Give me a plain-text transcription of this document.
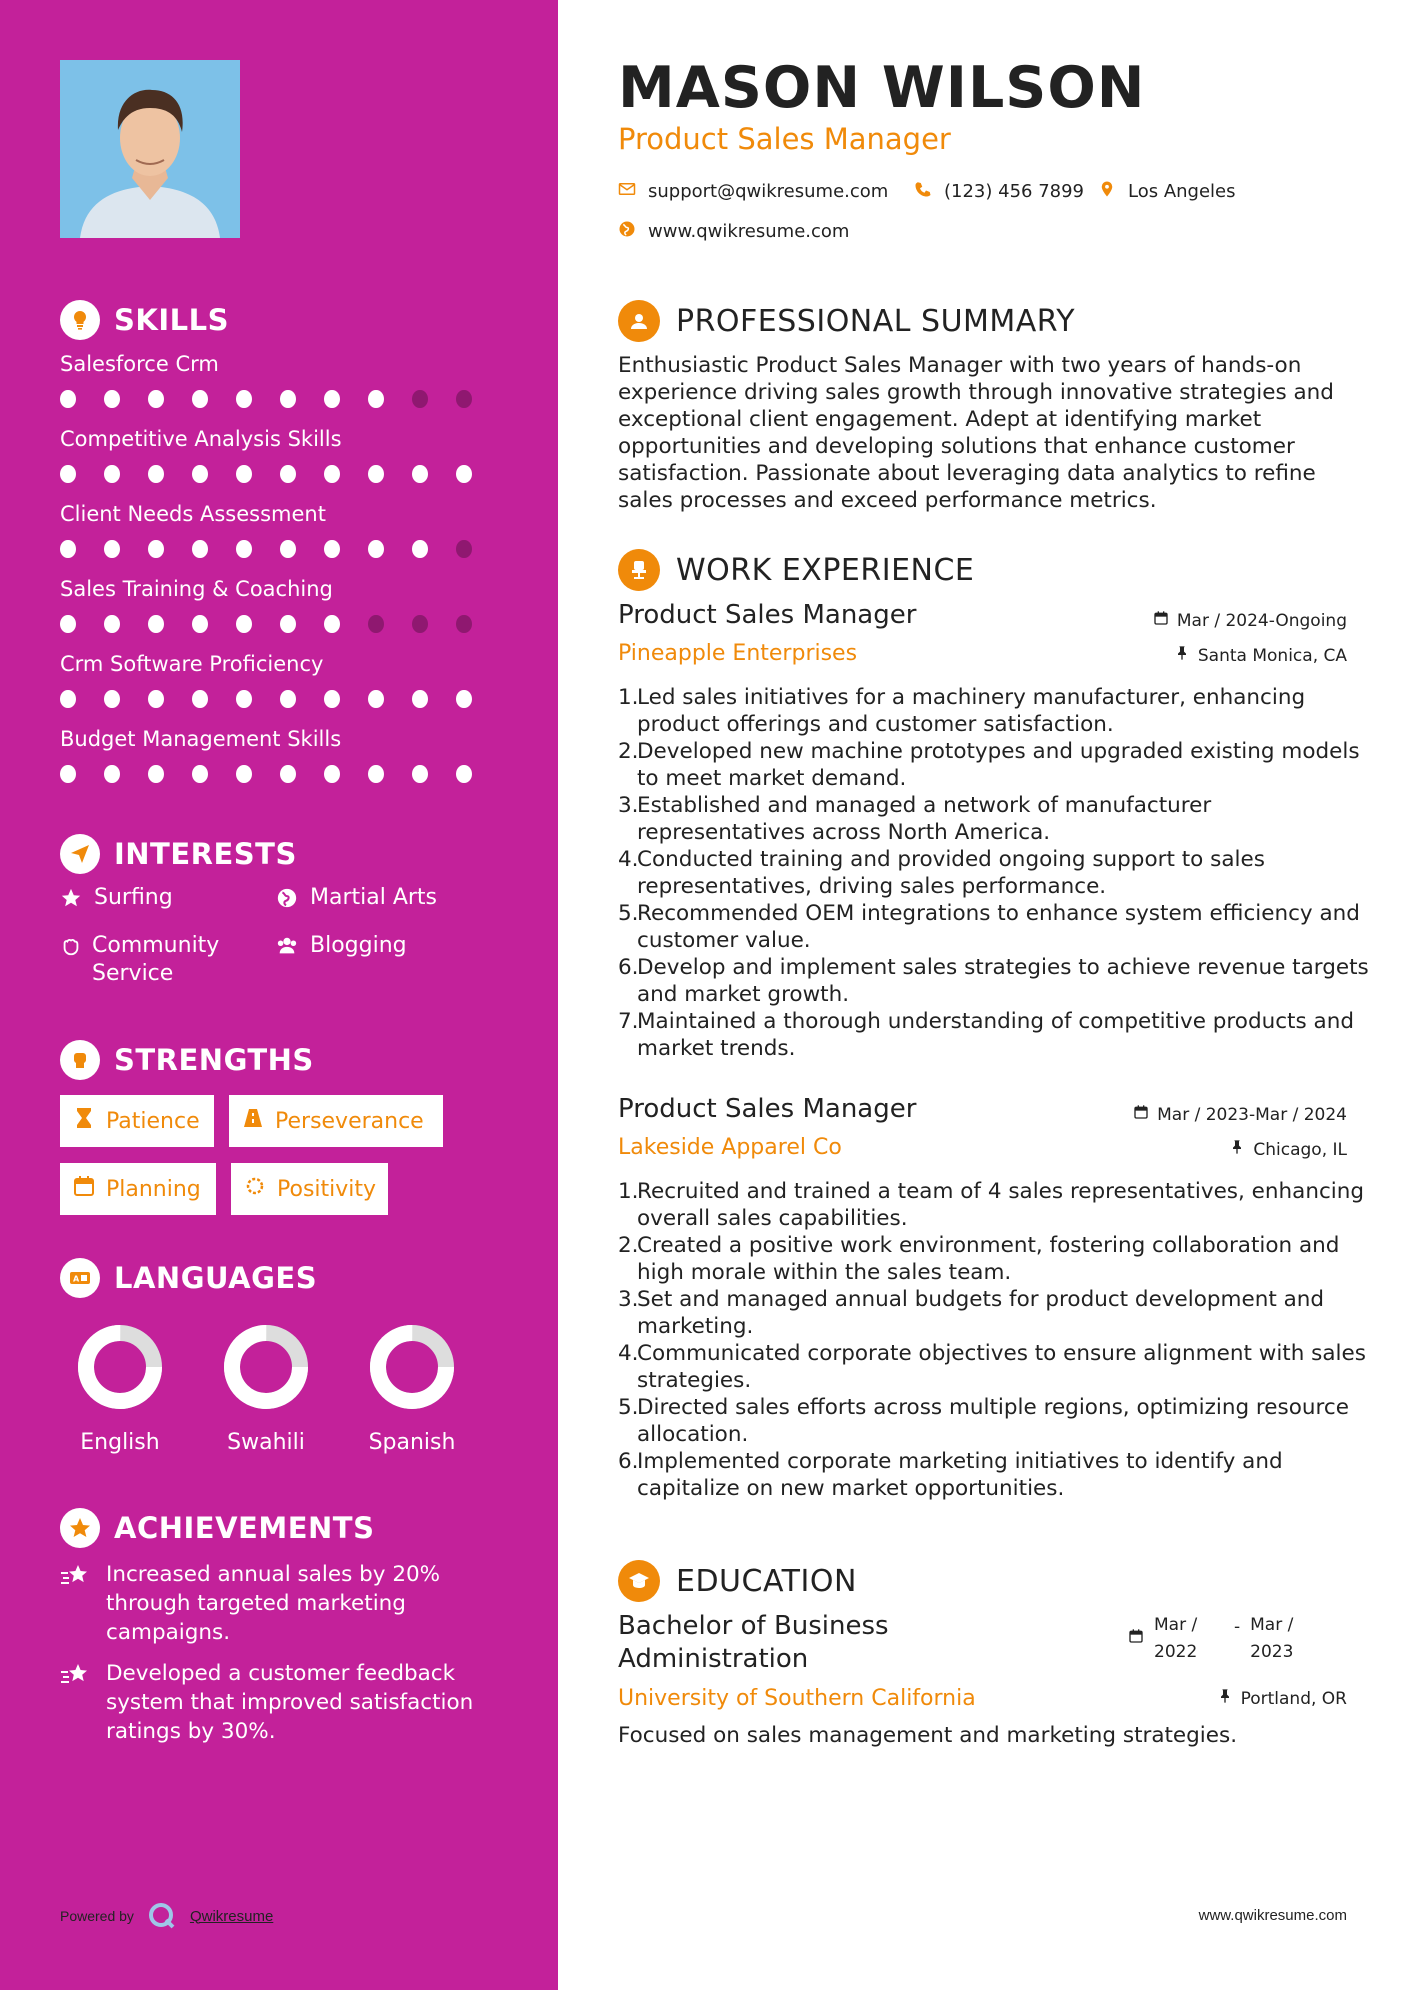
SKILLS
Salesforce Crm
Competitive Analysis Skills
Client Needs Assessment
Sales Training & Coaching
Crm Software Proficiency
Budget Management Skills
INTERESTS
Surfing	Martial Arts
Community Service
Blogging
STRENGTHS
Patience	Perseverance
Planning	Positivity
A LANGUAGES
English	Swahili	Spanish
ACHIEVEMENTS
Increased annual sales by 20% through targeted marketing campaigns.
Developed a customer feedback system that improved satisfaction ratings by 30%.
Powered by	Qwikresume
MASON WILSON
Product Sales Manager
support@qwikresume.com	(123) 456 7899 Los Angeles
www.qwikresume.com
PROFESSIONAL SUMMARY
Enthusiastic Product Sales Manager with two years of hands-on experience driving sales growth through innovative strategies and exceptional client engagement. Adept at identifying market opportunities and developing solutions that enhance customer satisfaction. Passionate about leveraging data analytics to refine sales processes and exceed performance metrics.
WORK EXPERIENCE
Product Sales Manager	Mar / 2024-Ongoing
Pineapple Enterprises	Santa Monica, CA
1.
Led sales initiatives for a machinery manufacturer, enhancing product offerings and customer satisfaction.
2.
Developed new machine prototypes and upgraded existing models to meet market demand.
3.
Established and managed a network of manufacturer representatives across North America.
4.
Conducted training and provided ongoing support to sales representatives, driving sales performance.
5.
Recommended OEM integrations to enhance system efficiency and customer value.
6.
Develop and implement sales strategies to achieve revenue targets and market growth.
7.
Maintained a thorough understanding of competitive products and market trends.
Product Sales Manager	Mar / 2023-Mar / 2024
Lakeside Apparel Co	Chicago, IL
1.
Recruited and trained a team of 4 sales representatives, enhancing overall sales capabilities.
2.
Created a positive work environment, fostering collaboration and high morale within the sales team.
3.
Set and managed annual budgets for product development and marketing.
4.
Communicated corporate objectives to ensure alignment with sales strategies.
5.
Directed sales efforts across multiple regions, optimizing resource allocation.
6.
Implemented corporate marketing initiatives to identify and capitalize on new market opportunities.
EDUCATION
Bachelor of Business Administration
Mar / 2022
- Mar / 2023
University of Southern California	Portland, OR
Focused on sales management and marketing strategies.
www.qwikresume.com
